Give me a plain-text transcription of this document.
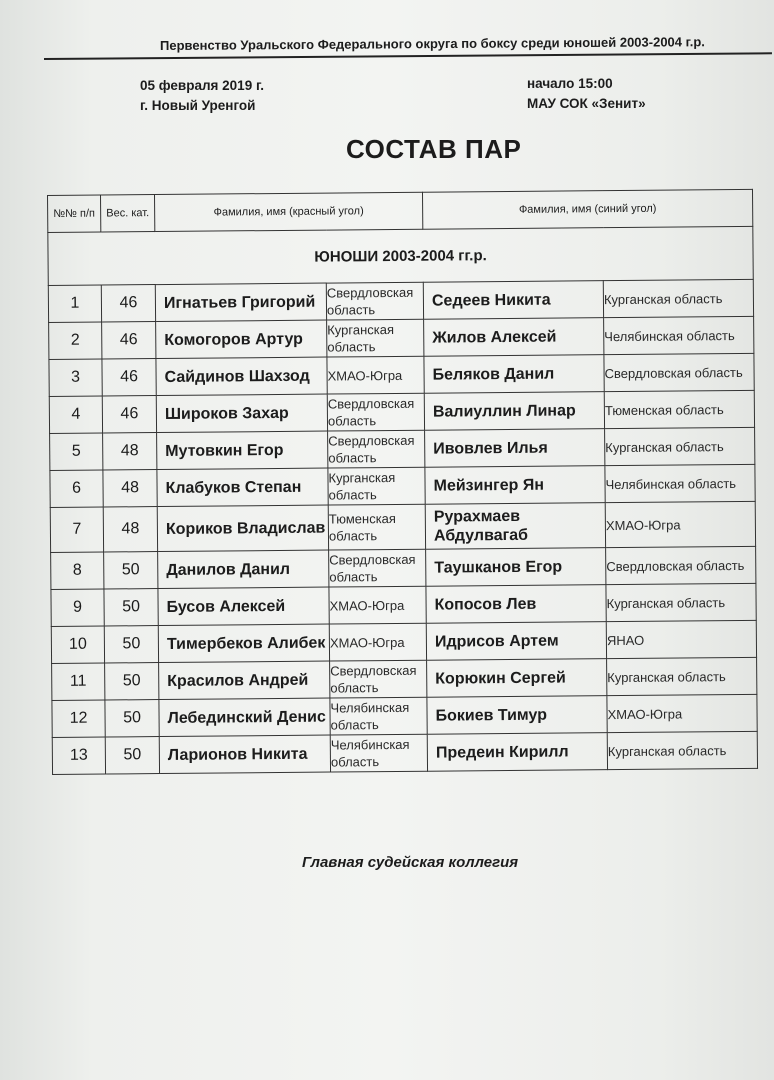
Первенство Уральского Федерального округа по боксу среди юношей 2003-2004 г.р.
05 февраля 2019 г.
г. Новый Уренгой
начало 15:00
МАУ СОК «Зенит»
СОСТАВ ПАР
№№ п/п	Вес. кат.	Фамилия, имя (красный угол)		Фамилия, имя (синий угол)	
ЮНОШИ 2003-2004 гг.р.					
1	46	Игнатьев Григорий	Свердловская область	Седеев Никита	Курганская область
2	46	Комогоров Артур	Курганская область	Жилов Алексей	Челябинская область
3	46	Сайдинов Шахзод	ХМАО-Югра	Беляков Данил	Свердловская область
4	46	Широков Захар	Свердловская область	Валиуллин Линар	Тюменская область
5	48	Мутовкин Егор	Свердловская область	Ивовлев Илья	Курганская область
6	48	Клабуков Степан	Курганская область	Мейзингер Ян	Челябинская область
7	48	Кориков Владислав	Тюменская область	Рурахмаев Абдулвагаб	ХМАО-Югра
8	50	Данилов Данил	Свердловская область	Таушканов Егор	Свердловская область
9	50	Бусов Алексей	ХМАО-Югра	Копосов Лев	Курганская область
10	50	Тимербеков Алибек	ХМАО-Югра	Идрисов Артем	ЯНАО
11	50	Красилов Андрей	Свердловская область	Корюкин Сергей	Курганская область
12	50	Лебединский Денис	Челябинская область	Бокиев Тимур	ХМАО-Югра
13	50	Ларионов Никита	Челябинская область	Предеин Кирилл	Курганская область
Главная судейская коллегия
